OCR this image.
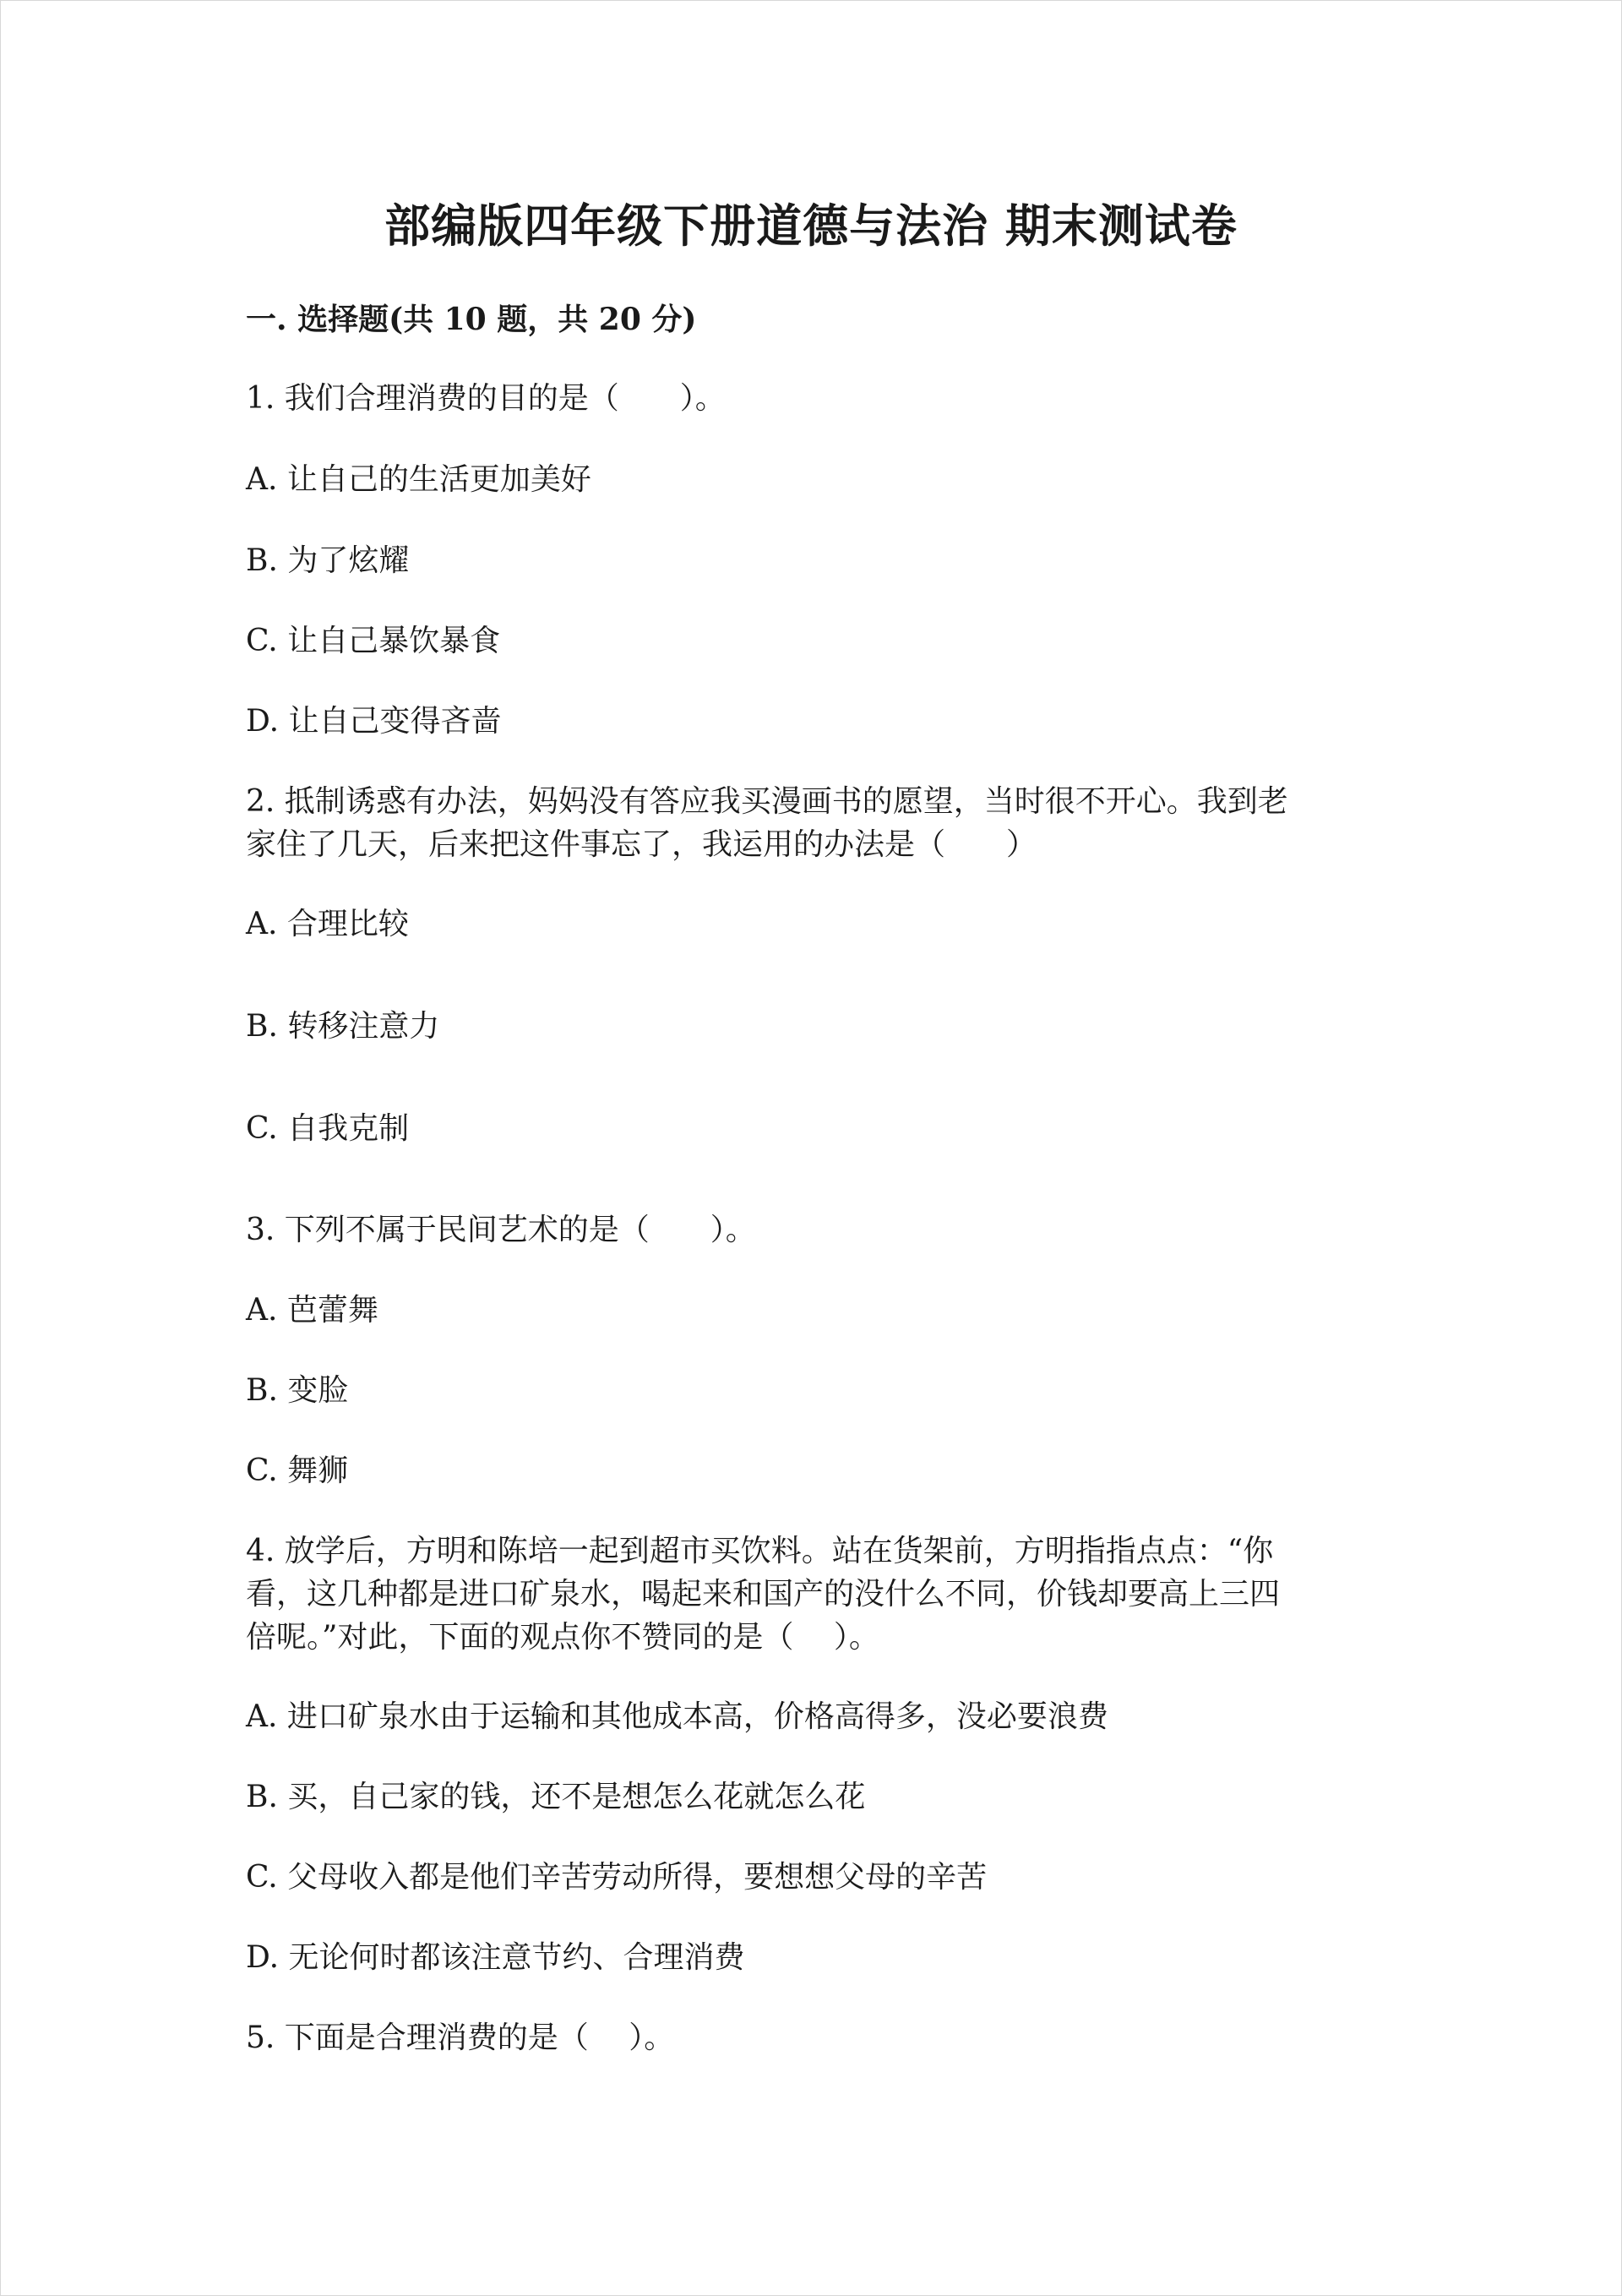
部编版四年级下册道德与法治 期末测试卷
一. 选择题(共 10 题，共 20 分)
1. 我们合理消费的目的是（　　）。
A. 让自己的生活更加美好
B. 为了炫耀
C. 让自己暴饮暴食
D. 让自己变得吝啬
2. 抵制诱惑有办法，妈妈没有答应我买漫画书的愿望，当时很不开心。我到老
家住了几天，后来把这件事忘了，我运用的办法是（　　）
A. 合理比较
B. 转移注意力
C. 自我克制
3. 下列不属于民间艺术的是（　　）。
A. 芭蕾舞
B. 变脸
C. 舞狮
4. 放学后，方明和陈培一起到超市买饮料。站在货架前，方明指指点点：“你
看，这几种都是进口矿泉水，喝起来和国产的没什么不同，价钱却要高上三四
倍呢。”对此，下面的观点你不赞同的是（　 ）。
A. 进口矿泉水由于运输和其他成本高，价格高得多，没必要浪费
B. 买，自己家的钱，还不是想怎么花就怎么花
C. 父母收入都是他们辛苦劳动所得，要想想父母的辛苦
D. 无论何时都该注意节约、合理消费
5. 下面是合理消费的是（　 ）。
